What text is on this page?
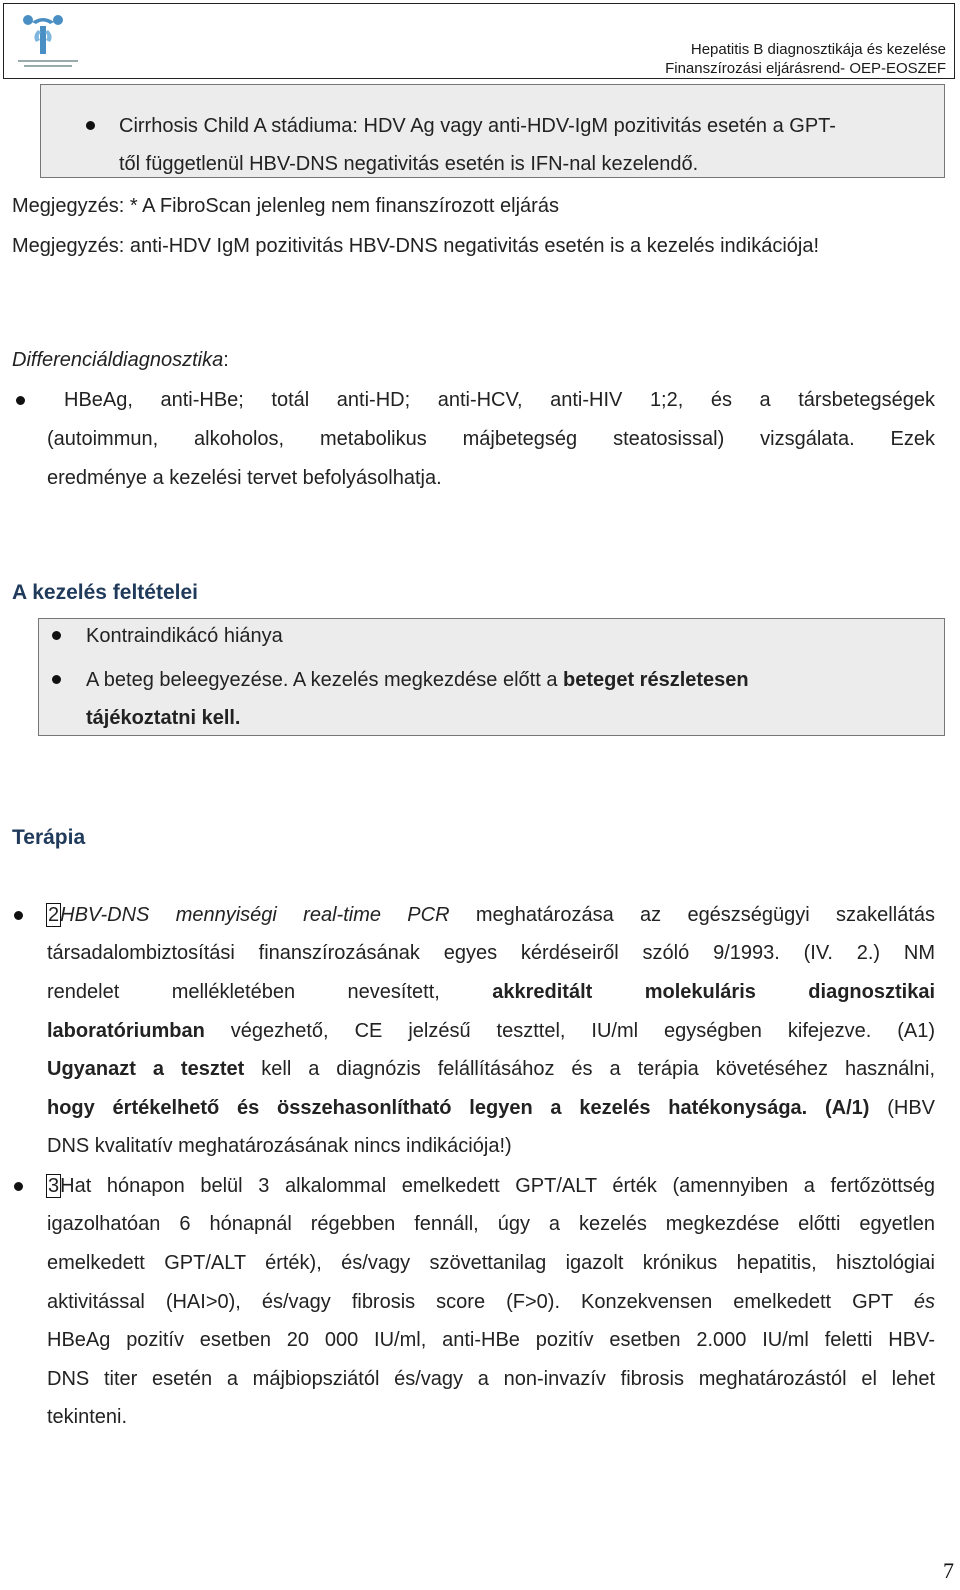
Hepatitis B diagnosztikája és kezelése
Finanszírozási eljárásrend- OEP-EOSZEF
Cirrhosis Child A stádiuma: HDV Ag vagy anti-HDV-IgM pozitivitás esetén a GPT-
től függetlenül HBV-DNS negativitás esetén is IFN-nal kezelendő.
Megjegyzés: * A FibroScan jelenleg nem finanszírozott eljárás
Megjegyzés: anti-HDV IgM pozitivitás HBV-DNS negativitás esetén is a kezelés indikációja!
Differenciáldiagnosztika:
HBeAg, anti-HBe; totál anti-HD; anti-HCV, anti-HIV 1;2, és a társbetegségek
(autoimmun, alkoholos, metabolikus májbetegség steatosissal) vizsgálata. Ezek
eredménye a kezelési tervet befolyásolhatja.
A kezelés feltételei
Kontraindikácó hiánya
A beteg beleegyezése. A kezelés megkezdése előtt a beteget részletesen
tájékoztatni kell.
Terápia
2HBV-DNS mennyiségi real-time PCR meghatározása az egészségügyi szakellátás
társadalombiztosítási finanszírozásának egyes kérdéseiről szóló 9/1993. (IV. 2.) NM
rendelet mellékletében nevesített, akkreditált molekuláris diagnosztikai
laboratóriumban végezhető, CE jelzésű teszttel, IU/ml egységben kifejezve. (A1)
Ugyanazt a tesztet kell a diagnózis felállításához és a terápia követéséhez használni,
hogy értékelhető és összehasonlítható legyen a kezelés hatékonysága. (A/1) (HBV
DNS kvalitatív meghatározásának nincs indikációja!)
3Hat hónapon belül 3 alkalommal emelkedett GPT/ALT érték (amennyiben a fertőzöttség
igazolhatóan 6 hónapnál régebben fennáll, úgy a kezelés megkezdése előtti egyetlen
emelkedett GPT/ALT érték), és/vagy szövettanilag igazolt krónikus hepatitis, hisztológiai
aktivitással (HAI>0), és/vagy fibrosis score (F>0). Konzekvensen emelkedett GPT és
HBeAg pozitív esetben 20 000 IU/ml, anti-HBe pozitív esetben 2.000 IU/ml feletti HBV-
DNS titer esetén a májbiopsziától és/vagy a non-invazív fibrosis meghatározástól el lehet
tekinteni.
7
